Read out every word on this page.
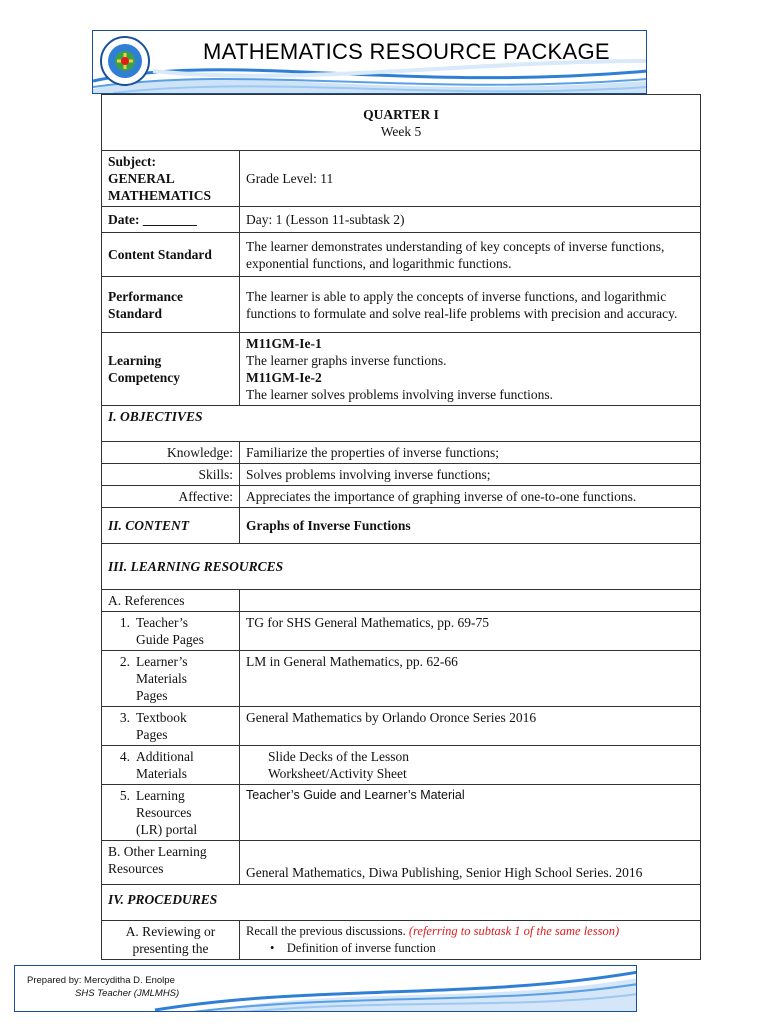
MATHEMATICS RESOURCE PACKAGE
QUARTER I
Week 5	

Subject:
GENERAL
MATHEMATICS	Grade Level: 11
Date: ________	Day: 1 (Lesson 11-subtask 2)
Content Standard	The learner demonstrates understanding of key concepts of inverse functions, exponential functions, and logarithmic functions.
Performance Standard	The learner is able to apply the concepts of inverse functions, and logarithmic functions to formulate and solve real-life problems with precision and accuracy.
Learning Competency	M11GM-Ie-1
The learner graphs inverse functions.
M11GM-Ie-2
The learner solves problems involving inverse functions.

I. OBJECTIVES	
Knowledge:	Familiarize the properties of inverse functions;
Skills:	Solves problems involving inverse functions;
Affective:	Appreciates the importance of graphing inverse of one-to-one functions.
II. CONTENT	Graphs of Inverse Functions
III. LEARNING RESOURCES	
A. References	
1. Teacher’s Guide Pages	TG for SHS General Mathematics, pp. 69-75
2. Learner’s Materials Pages	LM in General Mathematics, pp. 62-66
3. Textbook Pages	General Mathematics by Orlando Oronce Series 2016
4. Additional Materials	Slide Decks of the Lesson
Worksheet/Activity Sheet

5. Learning Resources (LR) portal	Teacher’s Guide and Learner’s Material
B. Other Learning Resources	General Mathematics, Diwa Publishing, Senior High School Series. 2016
IV. PROCEDURES	
A. Reviewing or presenting the	Recall the previous discussions. (referring to subtask 1 of the same lesson)
• Definition of inverse function
Prepared by: Mercyditha D. Enolpe
SHS Teacher (JMLMHS)
